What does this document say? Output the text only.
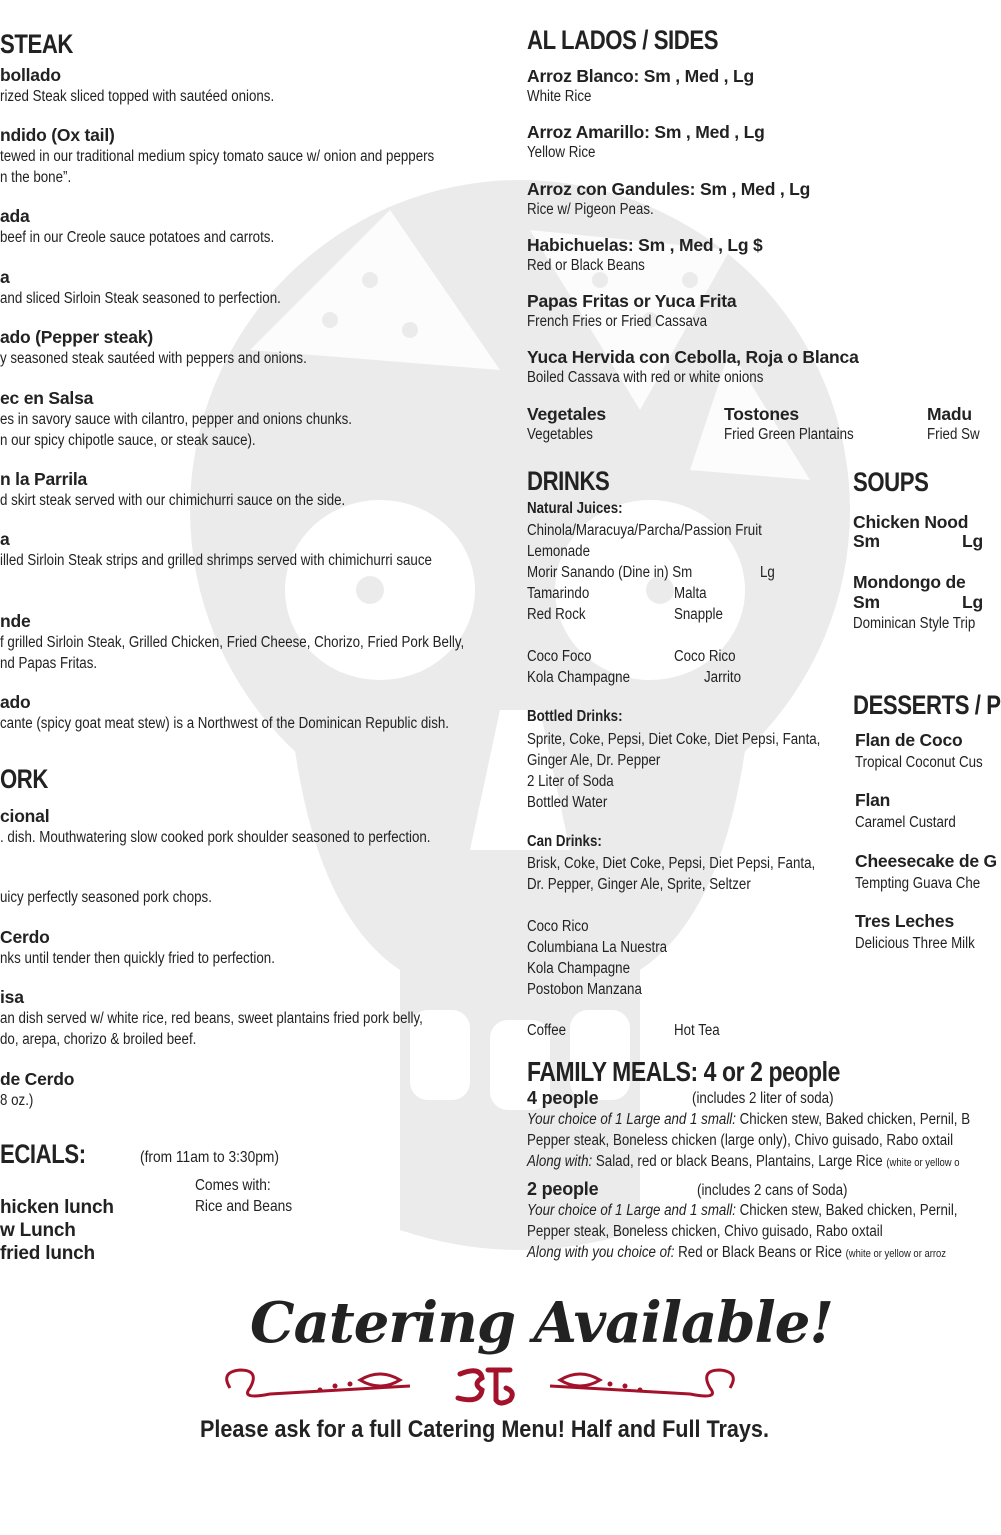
STEAK
bollado
rized Steak sliced topped with sautéed onions.
ndido (Ox tail)
tewed in our traditional medium spicy tomato sauce w/ onion and peppers
n the bone”.
ada
beef in our Creole sauce potatoes and carrots.
a
and sliced Sirloin Steak seasoned to perfection.
ado (Pepper steak)
y seasoned steak sautéed with peppers and onions.
ec en Salsa
es in savory sauce with cilantro, pepper and onions chunks.
n our spicy chipotle sauce, or steak sauce).
n la Parrila
d skirt steak served with our chimichurri sauce on the side.
a
illed Sirloin Steak strips and grilled shrimps served with chimichurri sauce
nde
f grilled Sirloin Steak, Grilled Chicken, Fried Cheese, Chorizo, Fried Pork Belly,
nd Papas Fritas.
ado
cante (spicy goat meat stew) is a Northwest of the Dominican Republic dish.
ORK
cional
. dish. Mouthwatering slow cooked pork shoulder seasoned to perfection.
uicy perfectly seasoned pork chops.
Cerdo
nks until tender then quickly fried to perfection.
isa
an dish served w/ white rice, red beans, sweet plantains fried pork belly,
do, arepa, chorizo & broiled beef.
de Cerdo
8 oz.)
ECIALS:	(from 11am to 3:30pm)
Comes with:
Rice and Beans
hicken lunch
w Lunch
fried lunch
AL LADOS / SIDES
Arroz Blanco: Sm , Med , Lg
White Rice
Arroz Amarillo: Sm , Med , Lg
Yellow Rice
Arroz con Gandules: Sm , Med , Lg
Rice w/ Pigeon Peas.
Habichuelas: Sm , Med , Lg $
Red or Black Beans
Papas Fritas or Yuca Frita
French Fries or Fried Cassava
Yuca Hervida con Cebolla, Roja o Blanca
Boiled Cassava with red or white onions
Vegetales
Vegetables
Tostones
Fried Green Plantains
Madu
Fried Sw
DRINKS
Natural Juices:
Chinola/Maracuya/Parcha/Passion Fruit
Lemonade
Morir Sanando (Dine in) Sm	Lg
Tamarindo	Malta
Red Rock	Snapple
Coco Foco	Coco Rico
Kola Champagne	Jarrito
Bottled Drinks:
Sprite, Coke, Pepsi, Diet Coke, Diet Pepsi, Fanta,
Ginger Ale, Dr. Pepper
2 Liter of Soda
Bottled Water
Can Drinks:
Brisk, Coke, Diet Coke, Pepsi, Diet Pepsi, Fanta,
Dr. Pepper, Ginger Ale, Sprite, Seltzer
Coco Rico
Columbiana La Nuestra
Kola Champagne
Postobon Manzana
Coffee	Hot Tea
SOUPS
Chicken Nood
Sm	Lg
Mondongo de
Sm	Lg
Dominican Style Trip
DESSERTS / P
Flan de Coco
Tropical Coconut Cus
Flan
Caramel Custard
Cheesecake de G
Tempting Guava Che
Tres Leches
Delicious Three Milk
FAMILY MEALS: 4 or 2 people
4 people	(includes 2 liter of soda)
Your choice of 1 Large and 1 small: Chicken stew, Baked chicken, Pernil, B
Pepper steak, Boneless chicken (large only), Chivo guisado, Rabo oxtail
Along with: Salad, red or black Beans, Plantains, Large Rice (white or yellow o
2 people	(includes 2 cans of Soda)
Your choice of 1 Large and 1 small: Chicken stew, Baked chicken, Pernil,
Pepper steak, Boneless chicken, Chivo guisado, Rabo oxtail
Along with you choice of: Red or Black Beans or Rice (white or yellow or arroz
Catering Available!
Please ask for a full Catering Menu! Half and Full Trays.
